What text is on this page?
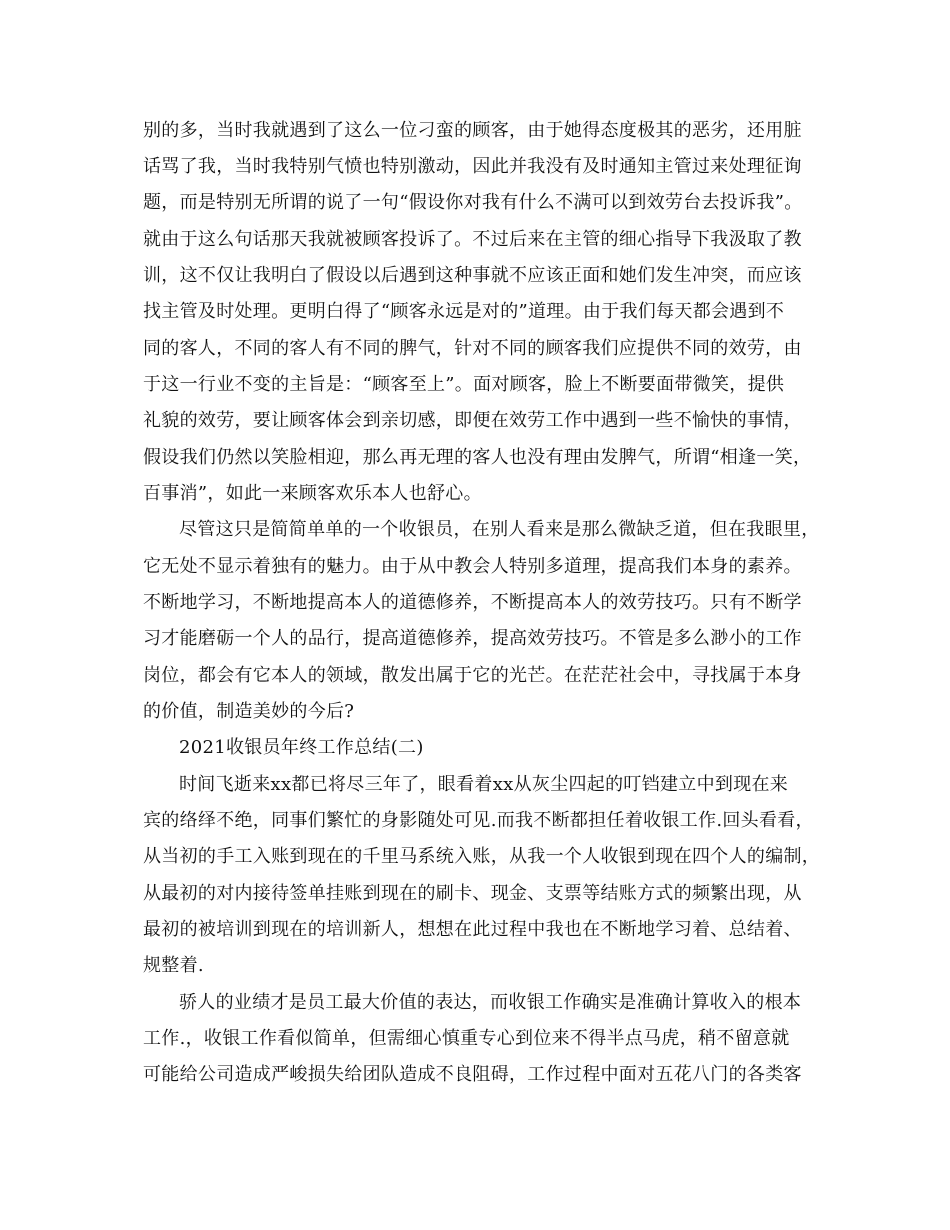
别的多，当时我就遇到了这么一位刁蛮的顾客，由于她得态度极其的恶劣，还用脏
话骂了我，当时我特别气愤也特别激动，因此并我没有及时通知主管过来处理征询
题，而是特别无所谓的说了一句“假设你对我有什么不满可以到效劳台去投诉我”。
就由于这么句话那天我就被顾客投诉了。不过后来在主管的细心指导下我汲取了教
训，这不仅让我明白了假设以后遇到这种事就不应该正面和她们发生冲突，而应该
找主管及时处理。更明白得了“顾客永远是对的”道理。由于我们每天都会遇到不
同的客人，不同的客人有不同的脾气，针对不同的顾客我们应提供不同的效劳，由
于这一行业不变的主旨是：“顾客至上”。面对顾客，脸上不断要面带微笑，提供
礼貌的效劳，要让顾客体会到亲切感，即便在效劳工作中遇到一些不愉快的事情，
假设我们仍然以笑脸相迎，那么再无理的客人也没有理由发脾气，所谓“相逢一笑，
百事消”，如此一来顾客欢乐本人也舒心。
尽管这只是简简单单的一个收银员，在别人看来是那么微缺乏道，但在我眼里，
它无处不显示着独有的魅力。由于从中教会人特别多道理，提高我们本身的素养。
不断地学习，不断地提高本人的道德修养，不断提高本人的效劳技巧。只有不断学
习才能磨砺一个人的品行，提高道德修养，提高效劳技巧。不管是多么渺小的工作
岗位，都会有它本人的领域，散发出属于它的光芒。在茫茫社会中，寻找属于本身
的价值，制造美妙的今后?
2021收银员年终工作总结(二)
时间飞逝来xx都已将尽三年了，眼看着xx从灰尘四起的叮铛建立中到现在来
宾的络绎不绝，同事们繁忙的身影随处可见.而我不断都担任着收银工作.回头看看，
从当初的手工入账到现在的千里马系统入账，从我一个人收银到现在四个人的编制，
从最初的对内接待签单挂账到现在的刷卡、现金、支票等结账方式的频繁出现，从
最初的被培训到现在的培训新人，想想在此过程中我也在不断地学习着、总结着、
规整着.
骄人的业绩才是员工最大价值的表达，而收银工作确实是准确计算收入的根本
工作.，收银工作看似简单，但需细心慎重专心到位来不得半点马虎，稍不留意就
可能给公司造成严峻损失给团队造成不良阻碍，工作过程中面对五花八门的各类客
